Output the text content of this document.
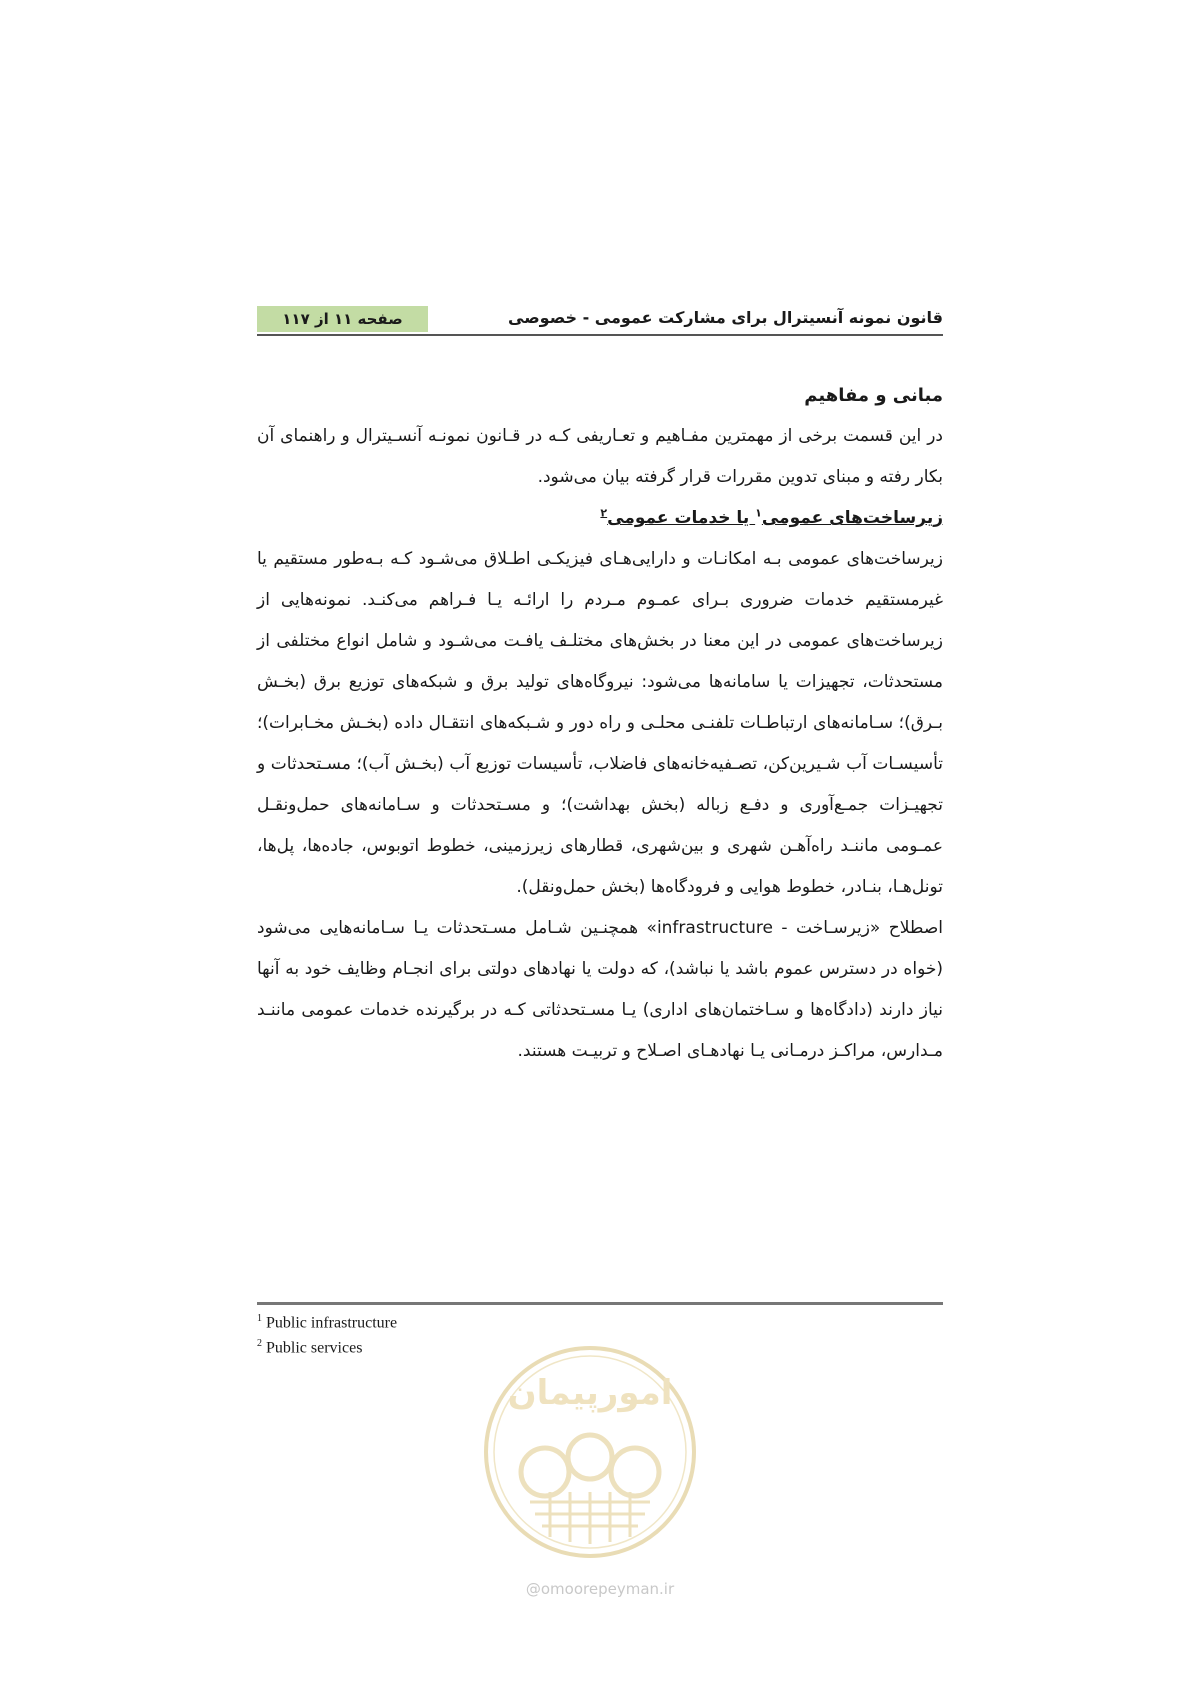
قانون نمونه آنسیترال برای مشارکت عمومی - خصوصی
صفحه ۱۱ از ۱۱۷
مبانی و مفاهیم

در این قسمت برخی از مهمترین مفـاهیم و تعـاریفی کـه در قـانون نمونـه آنسـیترال و راهنمای آن بکار رفته و مبنای تدوین مقررات قرار گرفته بیان می‌شود.

زیرساخت‌های عمومی$^۱$ یا خدمات عمومی$^۲$

زیرساخت‌های عمومی بـه امکانـات و دارایی‌هـای فیزیکـی اطـلاق می‌شـود کـه بـه‌طور مستقیم یا غیرمستقیم خدمات ضروری بـرای عمـوم مـردم را ارائـه یـا فـراهم می‌کنـد. نمونه‌هایی از زیرساخت‌های عمومی در این معنا در بخش‌های مختلـف یافـت می‌شـود و شامل انواع مختلفی از مستحدثات، تجهیزات یا سامانه‌ها می‌شود: نیروگاه‌های تولید برق و شبکه‌های توزیع برق (بخـش بـرق)؛ سـامانه‌های ارتباطـات تلفنـی محلـی و راه دور و شـبکه‌های انتقـال داده (بخـش مخـابرات)؛ تأسیسـات آب شـیرین‌کن، تصـفیه‌خانه‌های فاضلاب، تأسیسات توزیع آب (بخـش آب)؛ مسـتحدثات و تجهیـزات جمـع‌آوری و دفـع زباله (بخش بهداشت)؛ و مسـتحدثات و سـامانه‌های حمل‌ونقـل عمـومی ماننـد راه‌آهـن شهری و بین‌شهری، قطارهای زیرزمینی، خطوط اتوبوس، جاده‌ها، پل‌ها، تونل‌هـا، بنـادر، خطوط هوایی و فرودگاه‌ها (بخش حمل‌ونقل).

اصطلاح «زیرسـاخت - infrastructure» همچنـین شـامل مسـتحدثات یـا سـامانه‌هایی می‌شود (خواه در دسترس عموم باشد یا نباشد)، که دولت یا نهادهای دولتی برای انجـام وظایف خود به آنها نیاز دارند (دادگاه‌ها و سـاختمان‌های اداری) یـا مسـتحدثاتی کـه در برگیرنده خدمات عمومی ماننـد مـدارس، مراکـز درمـانی یـا نهادهـای اصـلاح و تربیـت هستند.

$^1$ Public infrastructure
$^2$ Public services
امورپیمان
@omoorepeyman.ir
